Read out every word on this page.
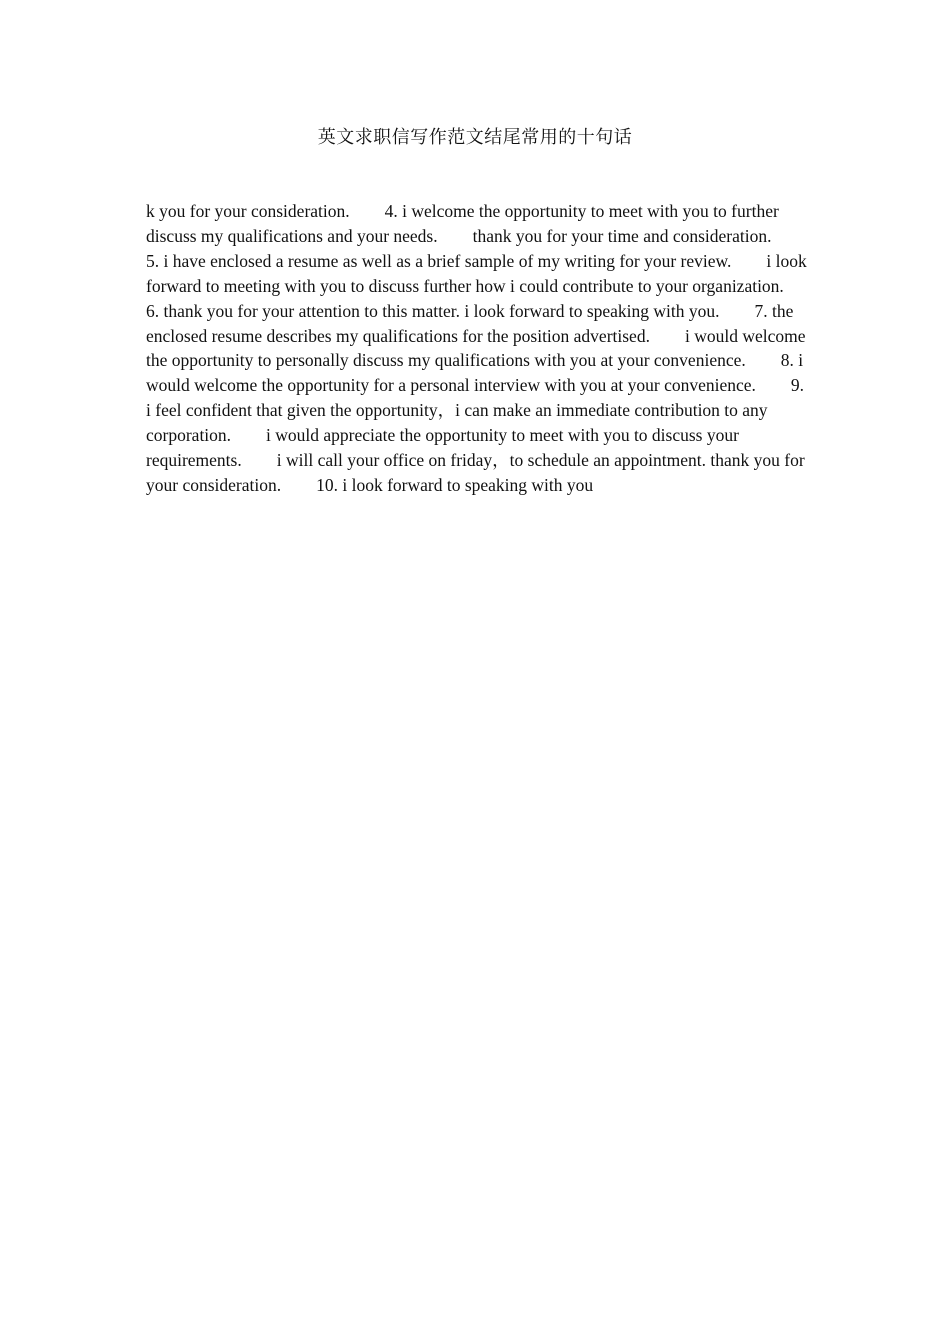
英文求职信写作范文结尾常用的十句话
k you for your consideration.        4. i welcome the opportunity to meet with you to further discuss my qualifications and your needs.        thank you for your time and consideration.        5. i have enclosed a resume as well as a brief sample of my writing for your review.        i look forward to meeting with you to discuss further how i could contribute to your organization.        6. thank you for your attention to this matter. i look forward to speaking with you.        7. the enclosed resume describes my qualifications for the position advertised.        i would welcome the opportunity to personally discuss my qualifications with you at your convenience.        8. i would welcome the opportunity for a personal interview with you at your convenience.        9. i feel confident that given the opportunity，i can make an immediate contribution to any corporation.        i would appreciate the opportunity to meet with you to discuss your requirements.        i will call your office on friday，to schedule an appointment. thank you for your consideration.        10. i look forward to speaking with you
